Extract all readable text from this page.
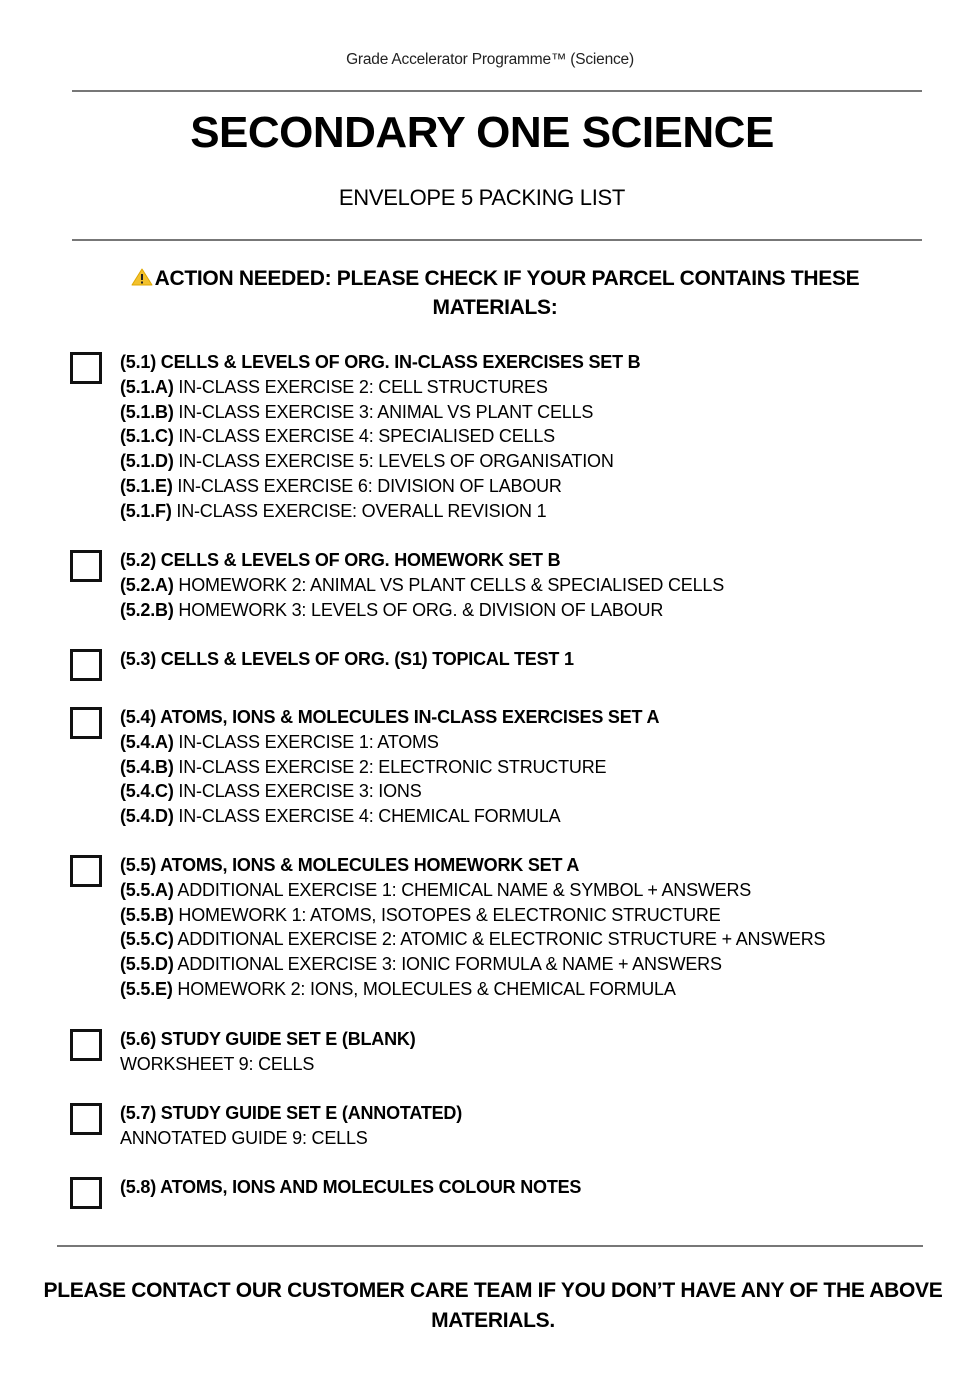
Grade Accelerator Programme™ (Science)
SECONDARY ONE SCIENCE
ENVELOPE 5 PACKING LIST
ACTION NEEDED: PLEASE CHECK IF YOUR PARCEL CONTAINS THESE MATERIALS:
(5.1) CELLS & LEVELS OF ORG. IN-CLASS EXERCISES SET B
(5.1.A) IN-CLASS EXERCISE 2: CELL STRUCTURES
(5.1.B) IN-CLASS EXERCISE 3: ANIMAL VS PLANT CELLS
(5.1.C) IN-CLASS EXERCISE 4: SPECIALISED CELLS
(5.1.D) IN-CLASS EXERCISE 5: LEVELS OF ORGANISATION
(5.1.E) IN-CLASS EXERCISE 6: DIVISION OF LABOUR
(5.1.F) IN-CLASS EXERCISE: OVERALL REVISION 1
(5.2) CELLS & LEVELS OF ORG. HOMEWORK SET B
(5.2.A) HOMEWORK 2: ANIMAL VS PLANT CELLS & SPECIALISED CELLS
(5.2.B) HOMEWORK 3: LEVELS OF ORG. & DIVISION OF LABOUR
(5.3) CELLS & LEVELS OF ORG. (S1) TOPICAL TEST 1
(5.4) ATOMS, IONS & MOLECULES IN-CLASS EXERCISES SET A
(5.4.A) IN-CLASS EXERCISE 1: ATOMS
(5.4.B) IN-CLASS EXERCISE 2: ELECTRONIC STRUCTURE
(5.4.C) IN-CLASS EXERCISE 3: IONS
(5.4.D) IN-CLASS EXERCISE 4: CHEMICAL FORMULA
(5.5) ATOMS, IONS & MOLECULES HOMEWORK SET A
(5.5.A) ADDITIONAL EXERCISE 1: CHEMICAL NAME & SYMBOL + ANSWERS
(5.5.B) HOMEWORK 1: ATOMS, ISOTOPES & ELECTRONIC STRUCTURE
(5.5.C) ADDITIONAL EXERCISE 2: ATOMIC & ELECTRONIC STRUCTURE + ANSWERS
(5.5.D) ADDITIONAL EXERCISE 3: IONIC FORMULA & NAME + ANSWERS
(5.5.E) HOMEWORK 2: IONS, MOLECULES & CHEMICAL FORMULA
(5.6) STUDY GUIDE SET E (BLANK)
WORKSHEET 9: CELLS
(5.7) STUDY GUIDE SET E (ANNOTATED)
ANNOTATED GUIDE 9: CELLS
(5.8) ATOMS, IONS AND MOLECULES COLOUR NOTES
PLEASE CONTACT OUR CUSTOMER CARE TEAM IF YOU DON’T HAVE ANY OF THE ABOVE MATERIALS.
